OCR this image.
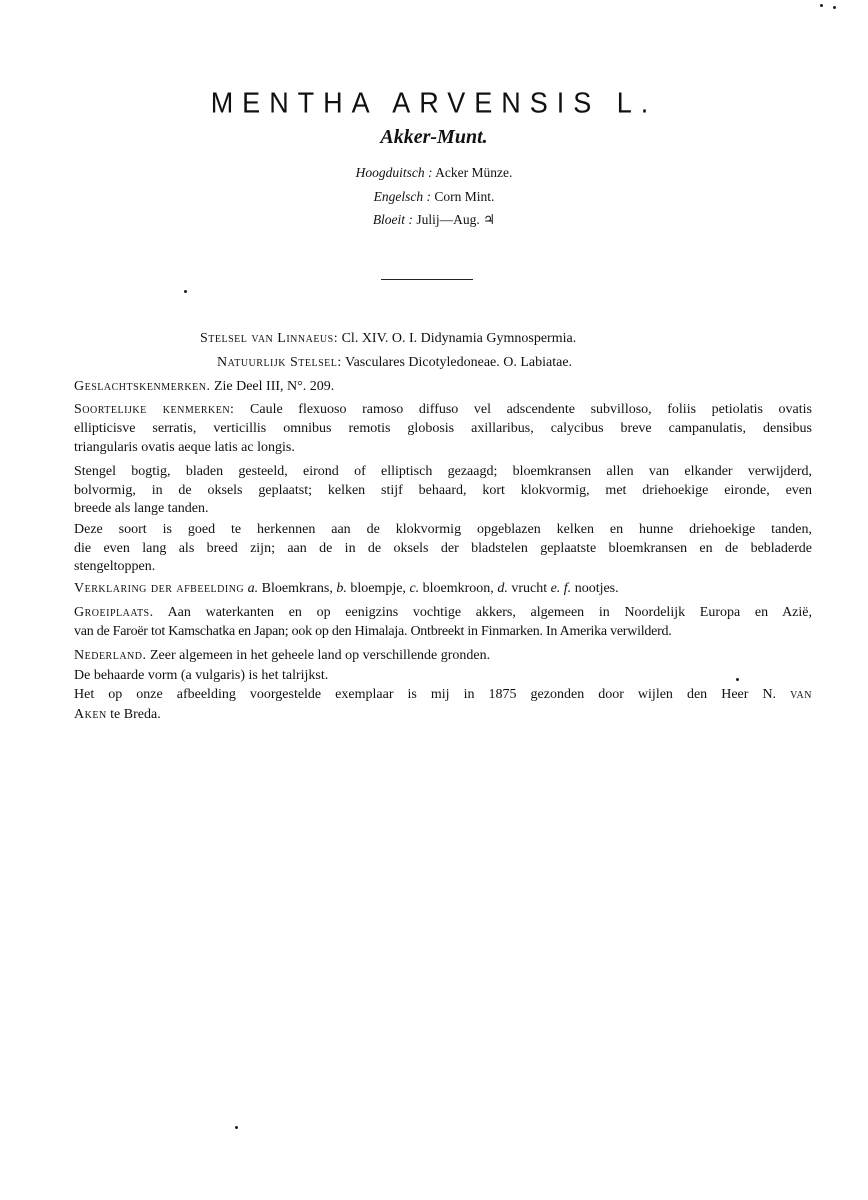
MENTHA ARVENSIS L.
Akker-Munt.
Hoogduitsch : Acker Münze.
Engelsch : Corn Mint.
Bloeit : Julij—Aug. ♃
Stelsel van Linnaeus: Cl. XIV. O. I. Didynamia Gymnospermia.
Natuurlijk Stelsel: Vasculares Dicotyledoneae. O. Labiatae.
Geslachtskenmerken. Zie Deel III, N°. 209.
Soortelijke kenmerken: Caule flexuoso ramoso diffuso vel adscendente subvilloso, foliis petiolatis ovatis
ellipticisve serratis, verticillis omnibus remotis globosis axillaribus, calycibus breve campanulatis, densibus
triangularis ovatis aeque latis ac longis.
Stengel bogtig, bladen gesteeld, eirond of elliptisch gezaagd; bloemkransen allen van elkander verwijderd,
bolvormig, in de oksels geplaatst; kelken stijf behaard, kort klokvormig, met driehoekige eironde, even
breede als lange tanden.
Deze soort is goed te herkennen aan de klokvormig opgeblazen kelken en hunne driehoekige tanden,
die even lang als breed zijn; aan de in de oksels der bladstelen geplaatste bloemkransen en de bebladerde
stengeltoppen.
Verklaring der afbeelding a. Bloemkrans, b. bloempje, c. bloemkroon, d. vrucht e. f. nootjes.
Groeiplaats. Aan waterkanten en op eenigzins vochtige akkers, algemeen in Noordelijk Europa en Azië,
van de Faroër tot Kamschatka en Japan; ook op den Himalaja. Ontbreekt in Finmarken. In Amerika verwilderd.
Nederland. Zeer algemeen in het geheele land op verschillende gronden.
De behaarde vorm (a vulgaris) is het talrijkst.
Het op onze afbeelding voorgestelde exemplaar is mij in 1875 gezonden door wijlen den Heer N. van
Aken te Breda.
